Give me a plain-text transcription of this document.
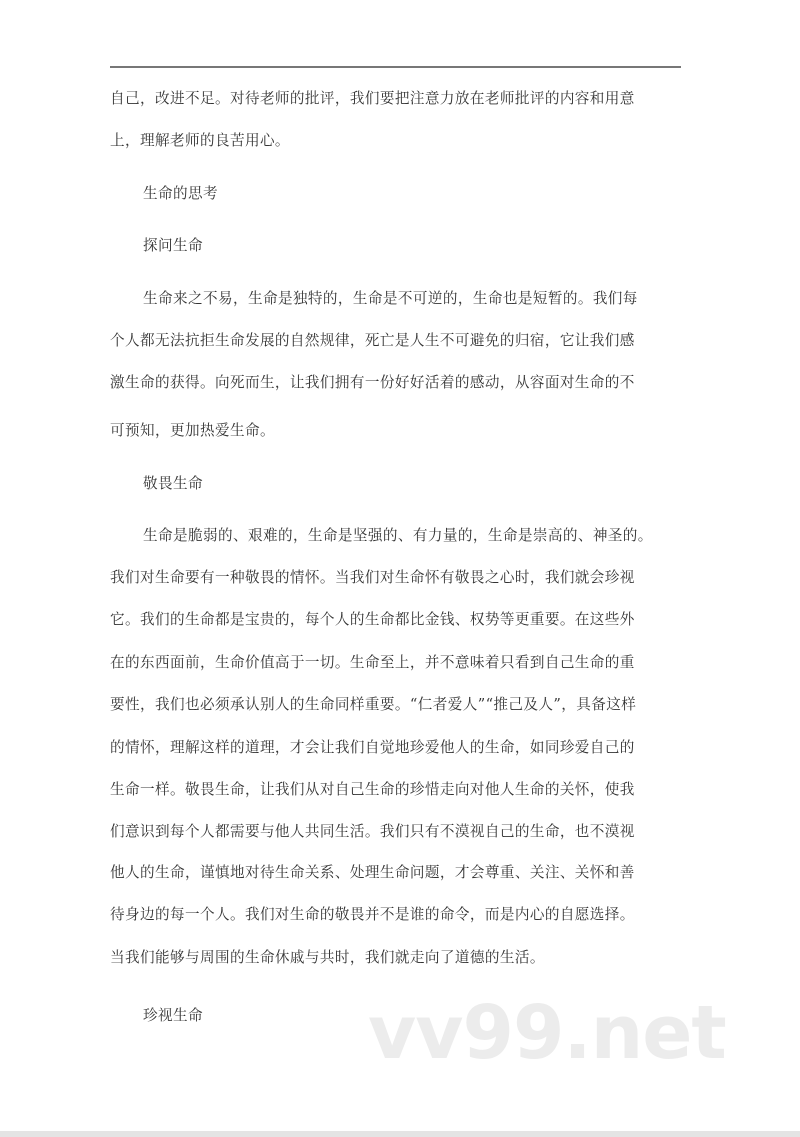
自己，改进不足。对待老师的批评，我们要把注意力放在老师批评的内容和用意
上，理解老师的良苦用心。
生命的思考
探问生命
生命来之不易，生命是独特的，生命是不可逆的，生命也是短暂的。我们每
个人都无法抗拒生命发展的自然规律，死亡是人生不可避免的归宿，它让我们感
激生命的获得。向死而生，让我们拥有一份好好活着的感动，从容面对生命的不
可预知，更加热爱生命。
敬畏生命
生命是脆弱的、艰难的，生命是坚强的、有力量的，生命是崇高的、神圣的。
我们对生命要有一种敬畏的情怀。当我们对生命怀有敬畏之心时，我们就会珍视
它。我们的生命都是宝贵的，每个人的生命都比金钱、权势等更重要。在这些外
在的东西面前，生命价值高于一切。生命至上，并不意味着只看到自己生命的重
要性，我们也必须承认别人的生命同样重要。“仁者爱人”“推己及人”，具备这样
的情怀，理解这样的道理，才会让我们自觉地珍爱他人的生命，如同珍爱自己的
生命一样。敬畏生命，让我们从对自己生命的珍惜走向对他人生命的关怀，使我
们意识到每个人都需要与他人共同生活。我们只有不漠视自己的生命，也不漠视
他人的生命，谨慎地对待生命关系、处理生命问题，才会尊重、关注、关怀和善
待身边的每一个人。我们对生命的敬畏并不是谁的命令，而是内心的自愿选择。
当我们能够与周围的生命休戚与共时，我们就走向了道德的生活。
珍视生命	vv99.net
